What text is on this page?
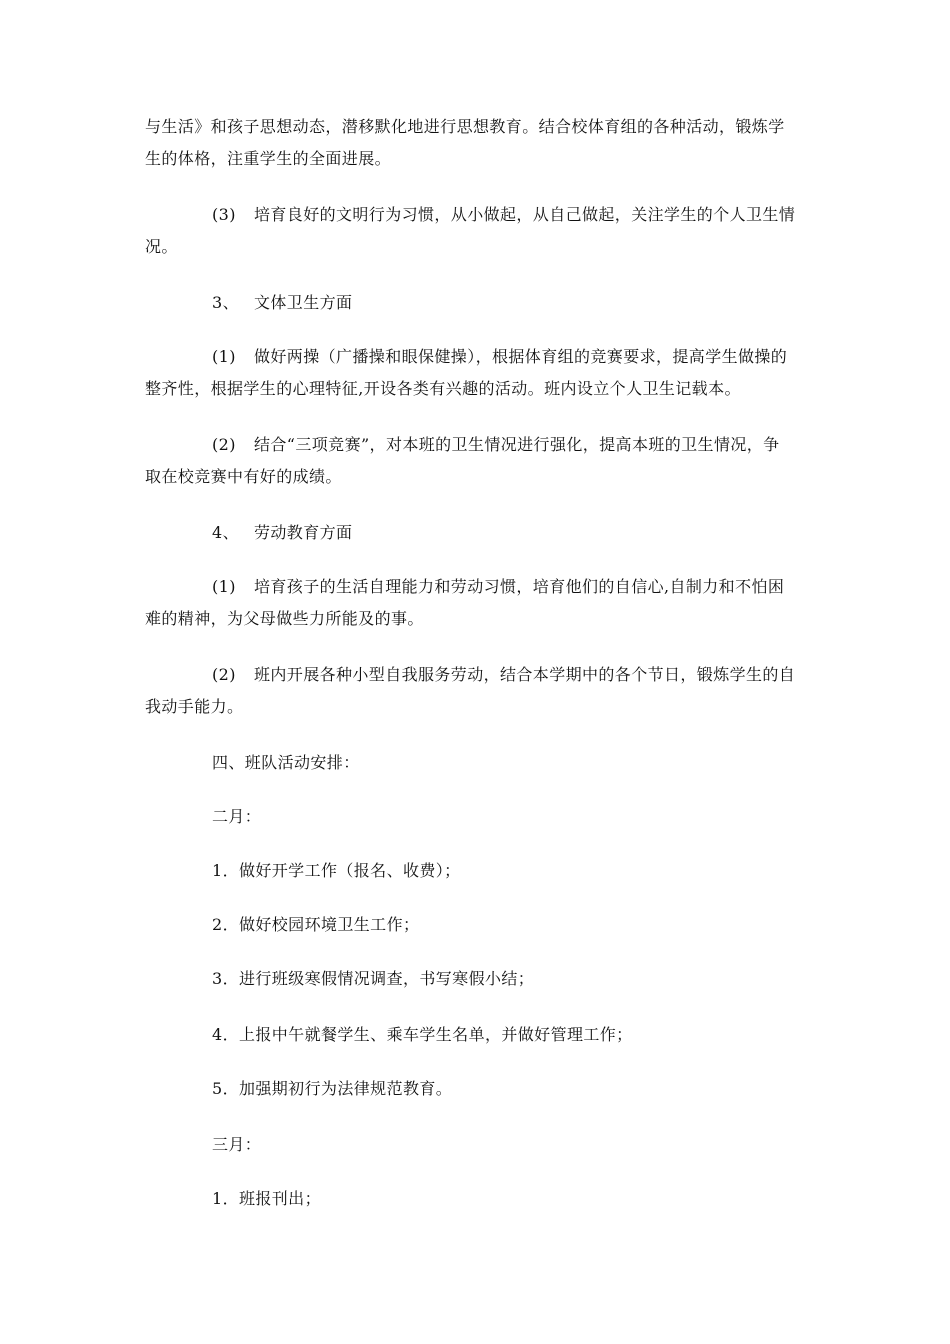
与生活》和孩子思想动态，潜移默化地进行思想教育。结合校体育组的各种活动，锻炼学
生的体格，注重学生的全面进展。
(3) 培育良好的文明行为习惯，从小做起，从自己做起，关注学生的个人卫生情
况。
3、 文体卫生方面
(1) 做好两操（广播操和眼保健操），根据体育组的竞赛要求，提高学生做操的
整齐性，根据学生的心理特征,开设各类有兴趣的活动。班内设立个人卫生记载本。
(2) 结合“三项竞赛”，对本班的卫生情况进行强化，提高本班的卫生情况，争
取在校竞赛中有好的成绩。
4、 劳动教育方面
(1) 培育孩子的生活自理能力和劳动习惯，培育他们的自信心,自制力和不怕困
难的精神，为父母做些力所能及的事。
(2) 班内开展各种小型自我服务劳动，结合本学期中的各个节日，锻炼学生的自
我动手能力。
四、班队活动安排：
二月：
1．做好开学工作（报名、收费）；
2．做好校园环境卫生工作；
3．进行班级寒假情况调查，书写寒假小结；
4．上报中午就餐学生、乘车学生名单，并做好管理工作；
5．加强期初行为法律规范教育。
三月：
1．班报刊出；
